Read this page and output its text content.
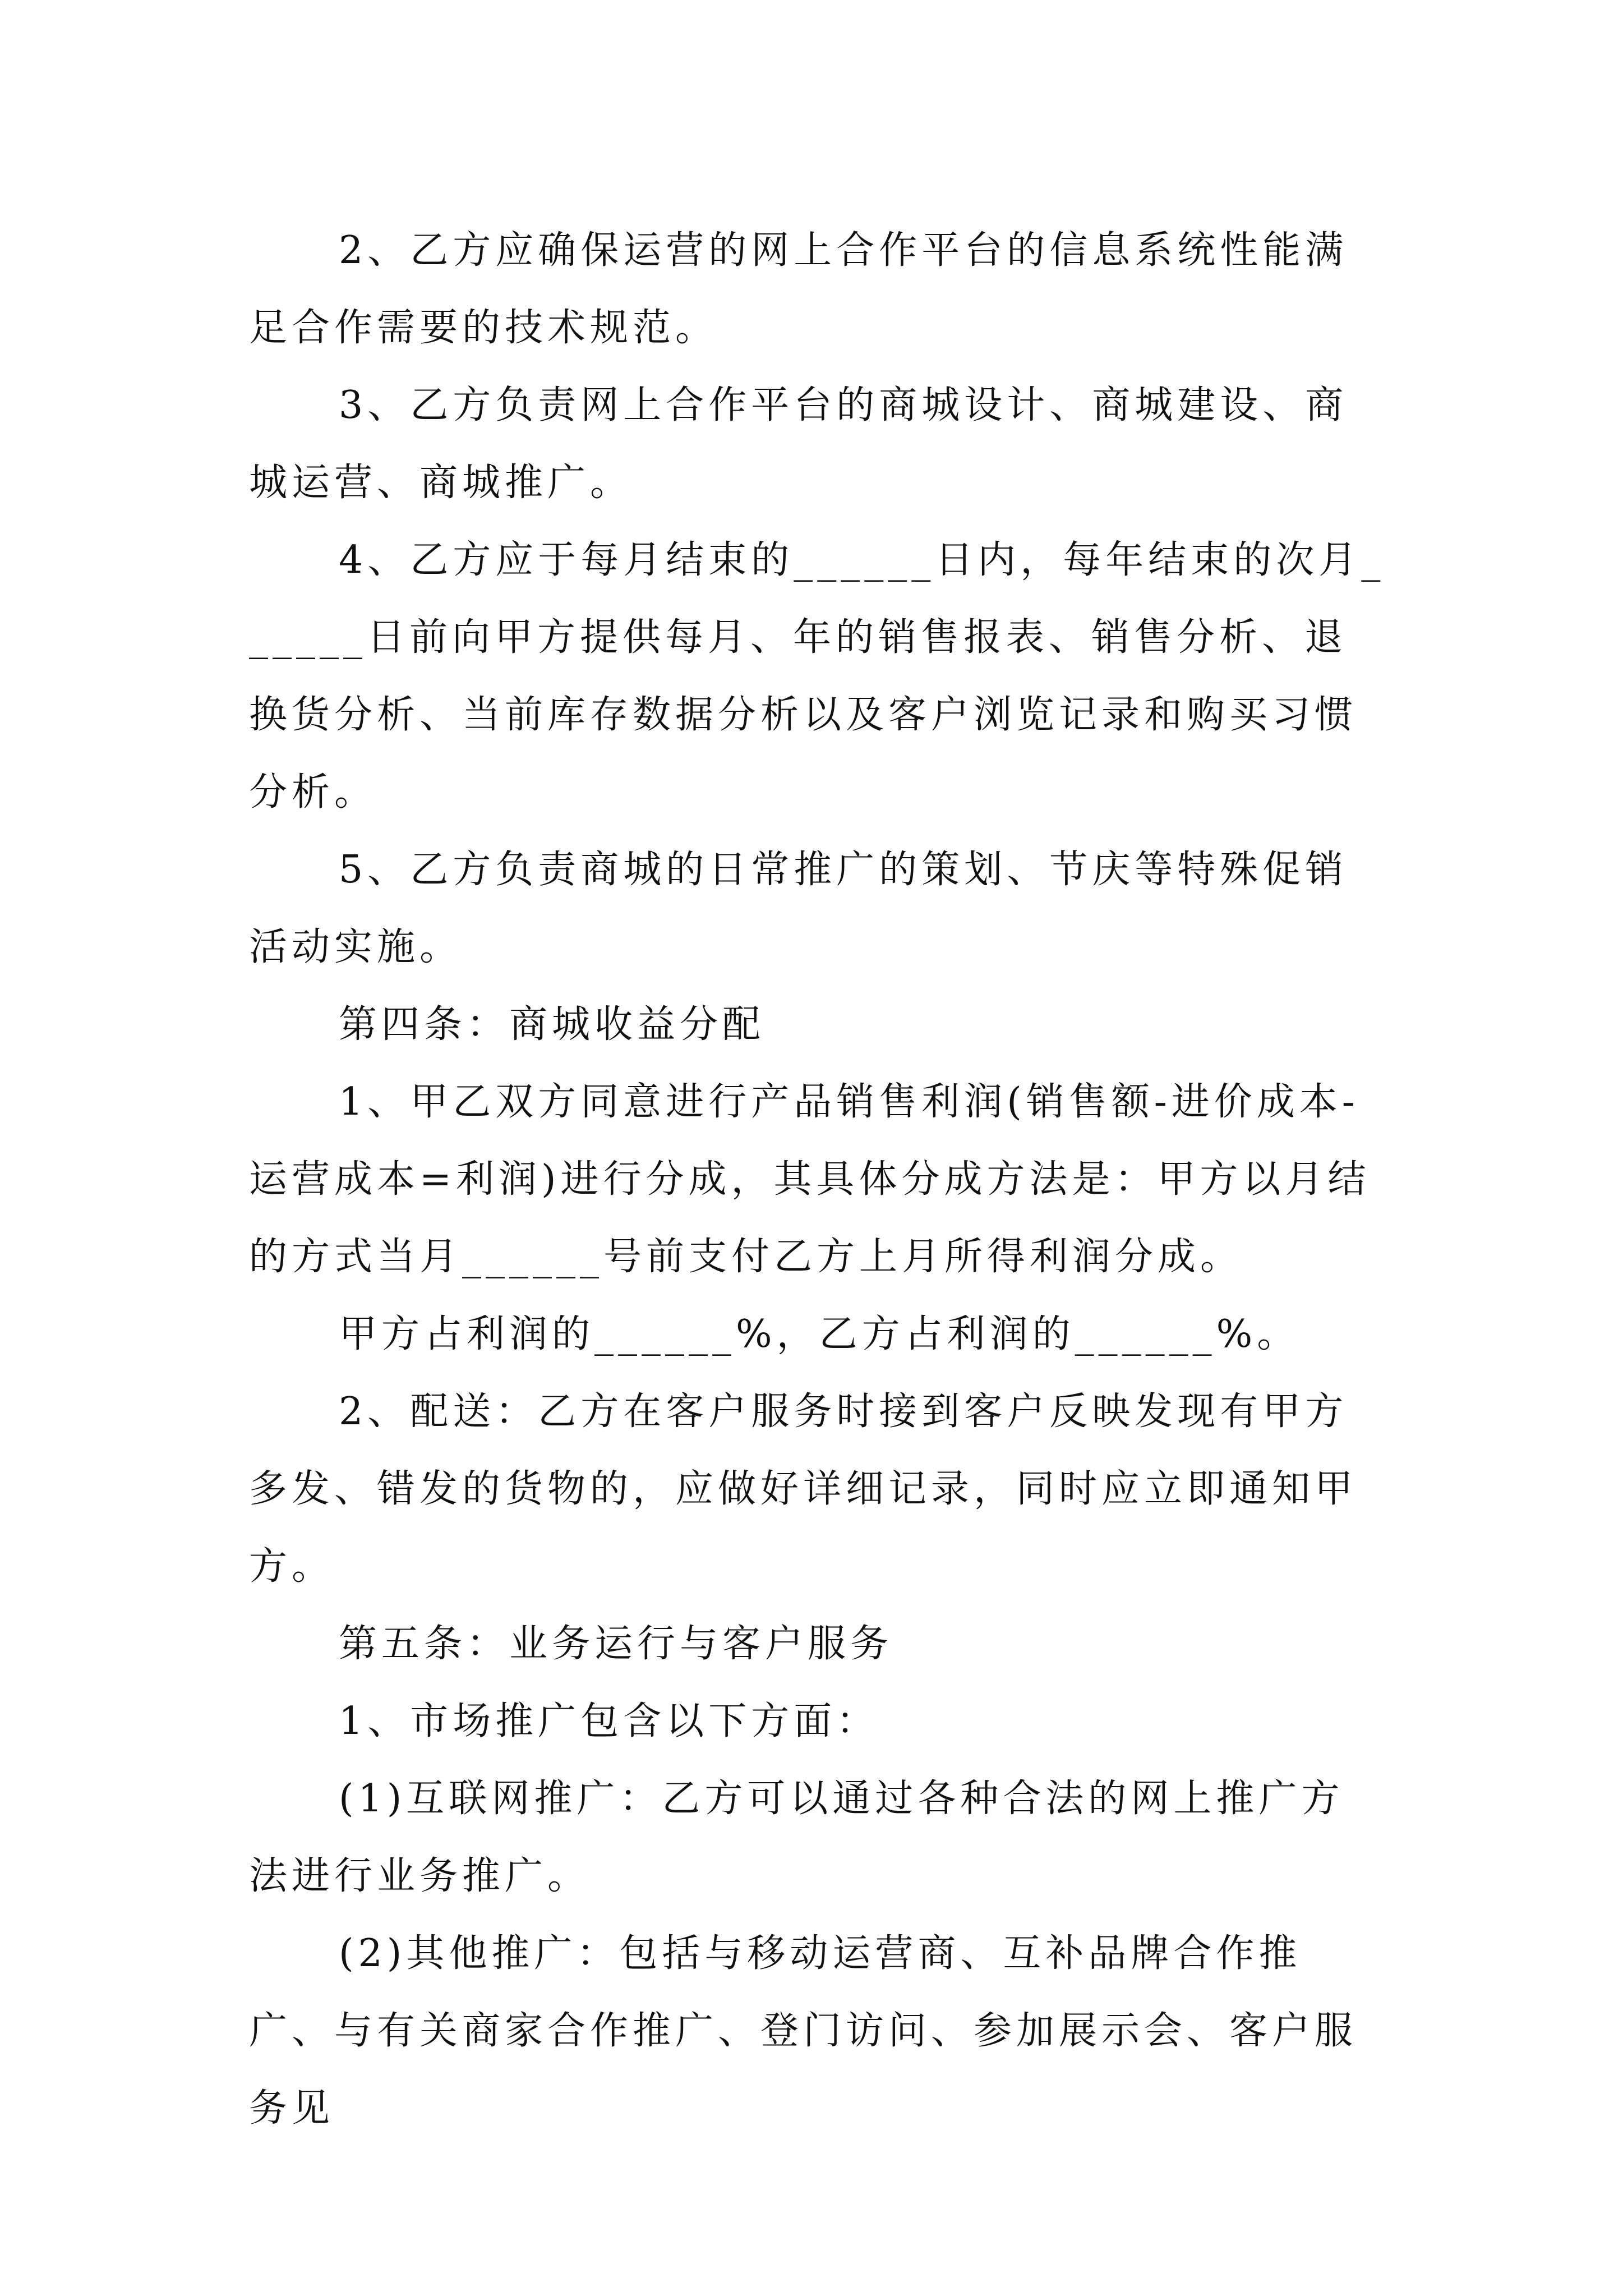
2、乙方应确保运营的网上合作平台的信息系统性能满足合作需要的技术规范。

3、乙方负责网上合作平台的商城设计、商城建设、商城运营、商城推广。

4、乙方应于每月结束的______日内，每年结束的次月______日前向甲方提供每月、年的销售报表、销售分析、退换货分析、当前库存数据分析以及客户浏览记录和购买习惯分析。

5、乙方负责商城的日常推广的策划、节庆等特殊促销活动实施。

第四条：商城收益分配

1、甲乙双方同意进行产品销售利润(销售额-进价成本-运营成本=利润)进行分成，其具体分成方法是：甲方以月结的方式当月______号前支付乙方上月所得利润分成。

甲方占利润的______%，乙方占利润的______%。

2、配送：乙方在客户服务时接到客户反映发现有甲方多发、错发的货物的，应做好详细记录，同时应立即通知甲方。

第五条：业务运行与客户服务

1、市场推广包含以下方面：

(1)互联网推广：乙方可以通过各种合法的网上推广方法进行业务推广。

(2)其他推广：包括与移动运营商、互补品牌合作推广、与有关商家合作推广、登门访问、参加展示会、客户服务见
